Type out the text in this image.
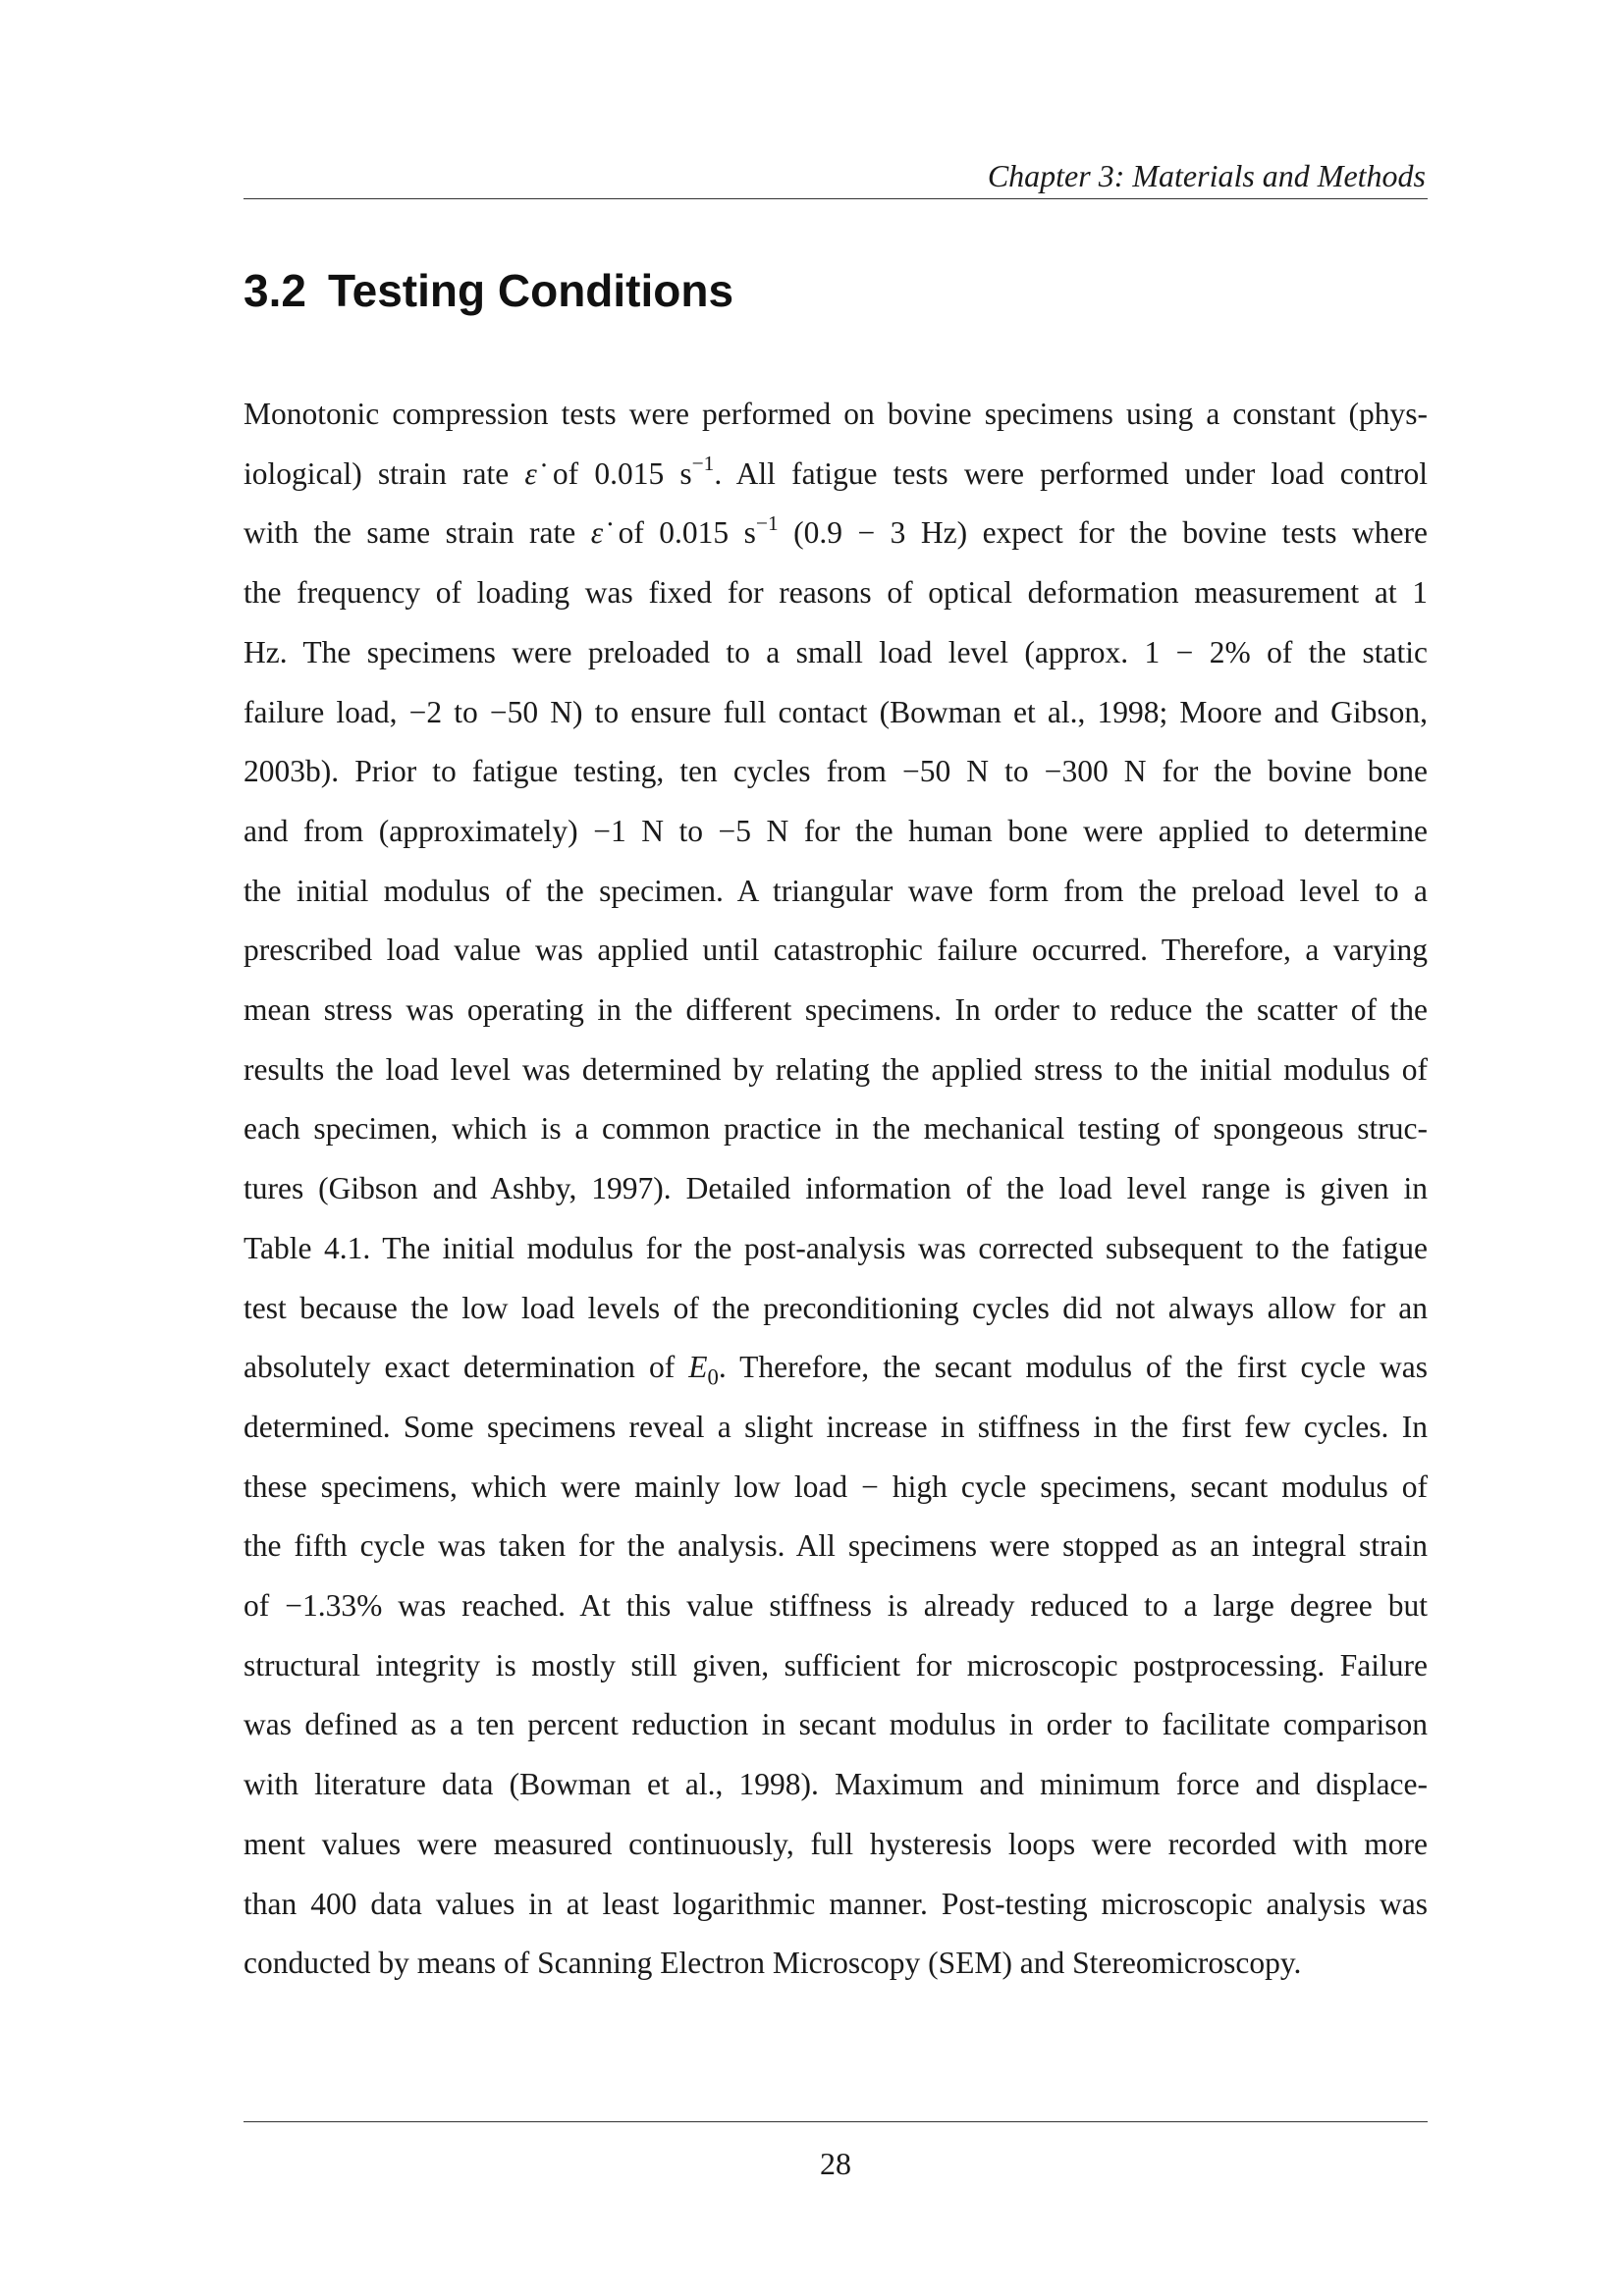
Chapter 3: Materials and Methods
3.2 Testing Conditions

Monotonic compression tests were performed on bovine specimens using a constant (phys-
iological) strain rate ε̇ of 0.015 $s^{-1}$. All fatigue tests were performed under load control
with the same strain rate ε̇ of 0.015 $s^{-1}$ (0.9 − 3 Hz) expect for the bovine tests where
the frequency of loading was fixed for reasons of optical deformation measurement at 1
Hz. The specimens were preloaded to a small load level (approx. 1 − 2% of the static
failure load, −2 to −50 N) to ensure full contact (Bowman et al., 1998; Moore and Gibson,
2003b). Prior to fatigue testing, ten cycles from −50 N to −300 N for the bovine bone
and from (approximately) −1 N to −5 N for the human bone were applied to determine
the initial modulus of the specimen. A triangular wave form from the preload level to a
prescribed load value was applied until catastrophic failure occurred. Therefore, a varying
mean stress was operating in the different specimens. In order to reduce the scatter of the
results the load level was determined by relating the applied stress to the initial modulus of
each specimen, which is a common practice in the mechanical testing of spongeous struc-
tures (Gibson and Ashby, 1997). Detailed information of the load level range is given in
Table 4.1. The initial modulus for the post-analysis was corrected subsequent to the fatigue
test because the low load levels of the preconditioning cycles did not always allow for an
absolutely exact determination of $E_0$. Therefore, the secant modulus of the first cycle was
determined. Some specimens reveal a slight increase in stiffness in the first few cycles. In
these specimens, which were mainly low load − high cycle specimens, secant modulus of
the fifth cycle was taken for the analysis. All specimens were stopped as an integral strain
of −1.33% was reached. At this value stiffness is already reduced to a large degree but
structural integrity is mostly still given, sufficient for microscopic postprocessing. Failure
was defined as a ten percent reduction in secant modulus in order to facilitate comparison
with literature data (Bowman et al., 1998). Maximum and minimum force and displace-
ment values were measured continuously, full hysteresis loops were recorded with more
than 400 data values in at least logarithmic manner. Post-testing microscopic analysis was
conducted by means of Scanning Electron Microscopy (SEM) and Stereomicroscopy.

28
